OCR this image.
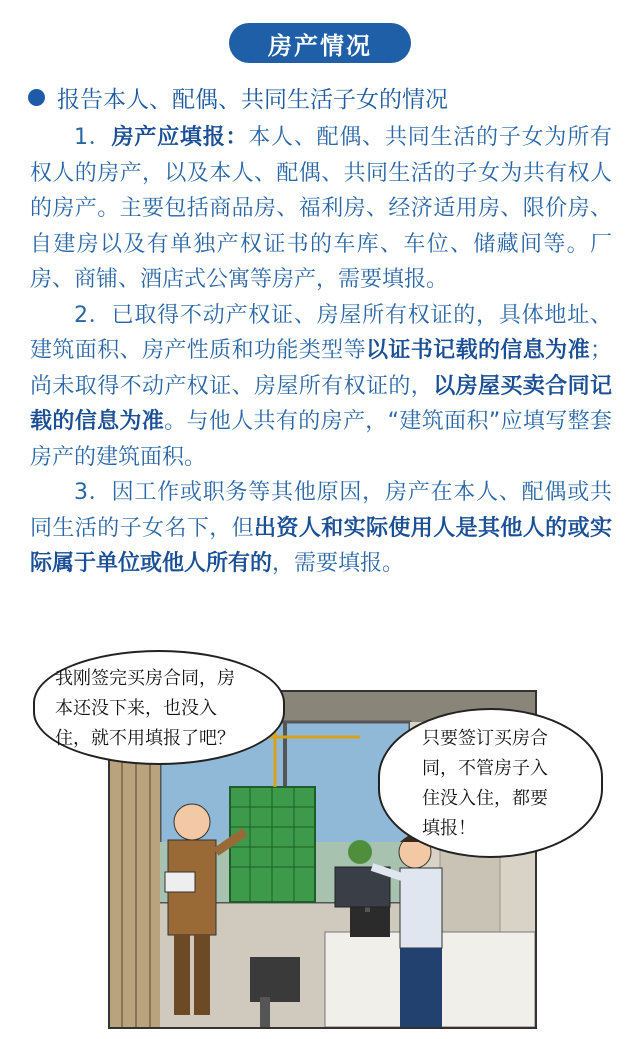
房产情况
报告本人、配偶、共同生活子女的情况

1．房产应填报：本人、配偶、共同生活的子女为所有权人的房产，以及本人、配偶、共同生活的子女为共有权人的房产。主要包括商品房、福利房、经济适用房、限价房、自建房以及有单独产权证书的车库、车位、储藏间等。厂房、商铺、酒店式公寓等房产，需要填报。

2．已取得不动产权证、房屋所有权证的，具体地址、建筑面积、房产性质和功能类型等以证书记载的信息为准；尚未取得不动产权证、房屋所有权证的，以房屋买卖合同记载的信息为准。与他人共有的房产，“建筑面积”应填写整套房产的建筑面积。

3．因工作或职务等其他原因，房产在本人、配偶或共同生活的子女名下，但出资人和实际使用人是其他人的或实际属于单位或他人所有的，需要填报。

我刚签完买房合同，房
本还没下来，也没入
住，就不用填报了吧？	只要签订买房合
同，不管房子入
住没入住，都要
填报！
